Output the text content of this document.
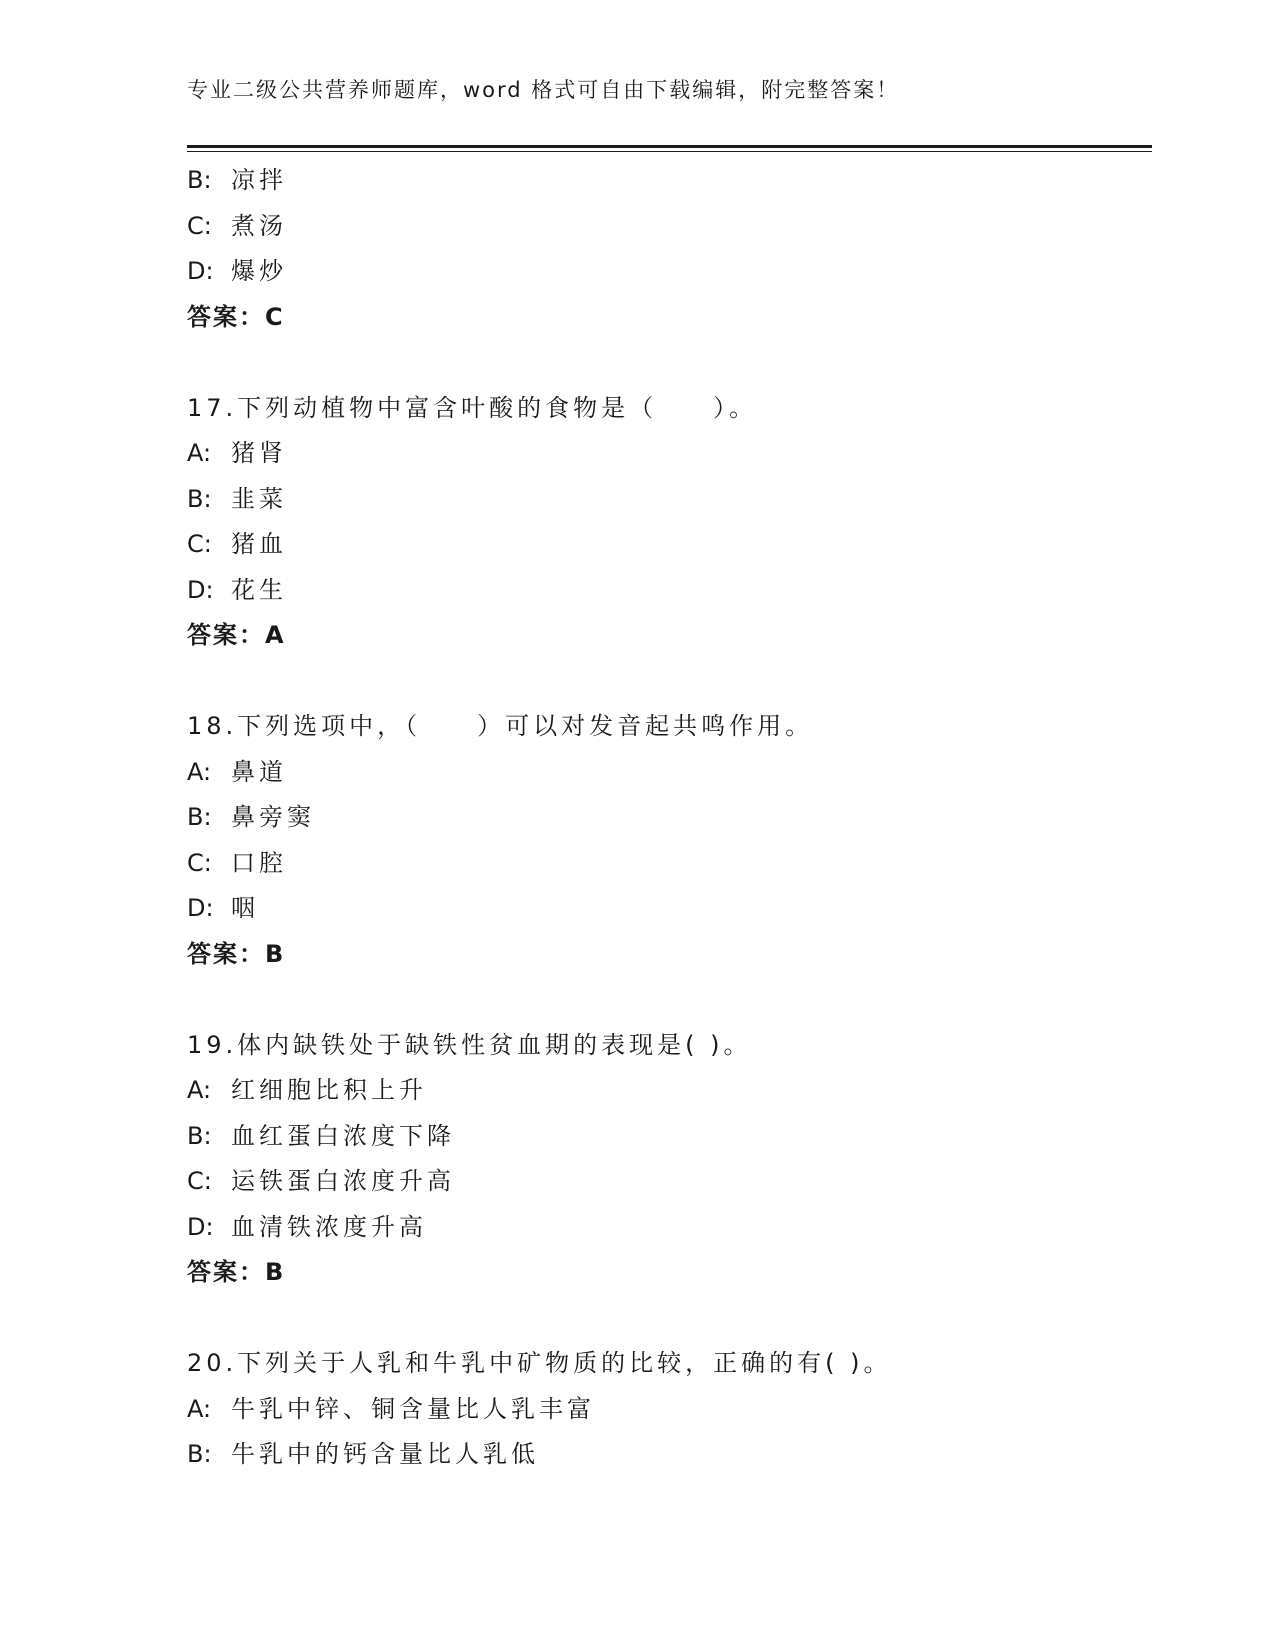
专业二级公共营养师题库，word 格式可自由下载编辑，附完整答案！
B: 凉拌
C: 煮汤
D: 爆炒
答案：C
17.下列动植物中富含叶酸的食物是（　　）。
A: 猪肾
B: 韭菜
C: 猪血
D: 花生
答案：A
18.下列选项中，（　　）可以对发音起共鸣作用。
A: 鼻道
B: 鼻旁窦
C: 口腔
D: 咽
答案：B
19.体内缺铁处于缺铁性贫血期的表现是( )。
A: 红细胞比积上升
B: 血红蛋白浓度下降
C: 运铁蛋白浓度升高
D: 血清铁浓度升高
答案：B
20.下列关于人乳和牛乳中矿物质的比较，正确的有( )。
A: 牛乳中锌、铜含量比人乳丰富
B: 牛乳中的钙含量比人乳低
